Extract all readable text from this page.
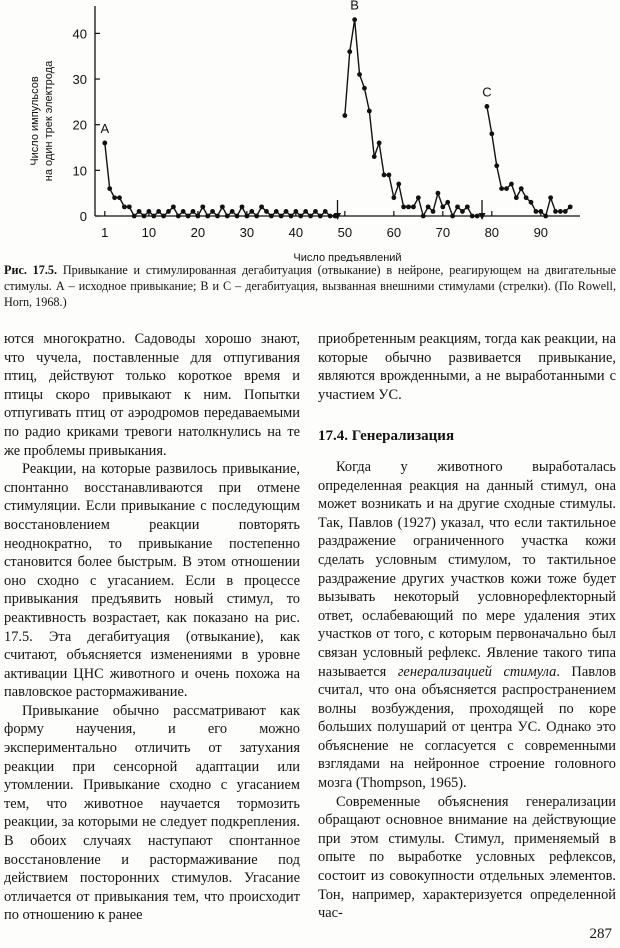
0
10
20
30
40
1	10	20	30	40	50	60	70	80	90
Число предъявлений
Число импульсов на один трек электрода	A
B
C
Рис. 17.5. Привыкание и стимулированная дегабитуация (отвыкание) в нейроне, реагирующем на двигательные стимулы. А – исходное привыкание; В и С – дегабитуация, вызванная внешними стимулами (стрелки). (По Rowell, Horn, 1968.)

ются многократно. Садоводы хорошо знают, что чучела, поставленные для отпугивания птиц, действуют только короткое время и птицы скоро привыкают к ним. Попытки отпугивать птиц от аэродромов передаваемыми по радио криками тревоги натолкнулись на те же проблемы привыкания.

Реакции, на которые развилось привыкание, спонтанно восстанавливаются при отмене стимуляции. Если привыкание с последующим восстановлением реакции повторять неоднократно, то привыкание постепенно становится более быстрым. В этом отношении оно сходно с угасанием. Если в процессе привыкания предъявить новый стимул, то реактивность возрастает, как показано на рис. 17.5. Эта дегабитуация (отвыкание), как считают, объясняется изменениями в уровне активации ЦНС животного и очень похожа на павловское растормаживание.

Привыкание обычно рассматривают как форму научения, и его можно экспериментально отличить от затухания реакции при сенсорной адаптации или утомлении. Привыкание сходно с угасанием тем, что животное научается тормозить реакции, за которыми не следует подкрепления. В обоих случаях наступают спонтанное восстановление и растормаживание под действием посторонних стимулов. Угасание отличается от привыкания тем, что происходит по отношению к ранее

приобретенным реакциям, тогда как реакции, на которые обычно развивается привыкание, являются врожденными, а не выработанными с участием УС.

17.4. Генерализация

Когда у животного выработалась определенная реакция на данный стимул, она может возникать и на другие сходные стимулы. Так, Павлов (1927) указал, что если тактильное раздражение ограниченного участка кожи сделать условным стимулом, то тактильное раздражение других участков кожи тоже будет вызывать некоторый условнорефлекторный ответ, ослабевающий по мере удаления этих участков от того, с которым первоначально был связан условный рефлекс. Явление такого типа называется генерализацией стимула. Павлов считал, что она объясняется распространением волны возбуждения, проходящей по коре больших полушарий от центра УС. Однако это объяснение не согласуется с современными взглядами на нейронное строение головного мозга (Thompson, 1965).

Современные объяснения генерализации обращают основное внимание на действующие при этом стимулы. Стимул, применяемый в опыте по выработке условных рефлексов, состоит из совокупности отдельных элементов. Тон, например, характеризуется определенной час-

287
